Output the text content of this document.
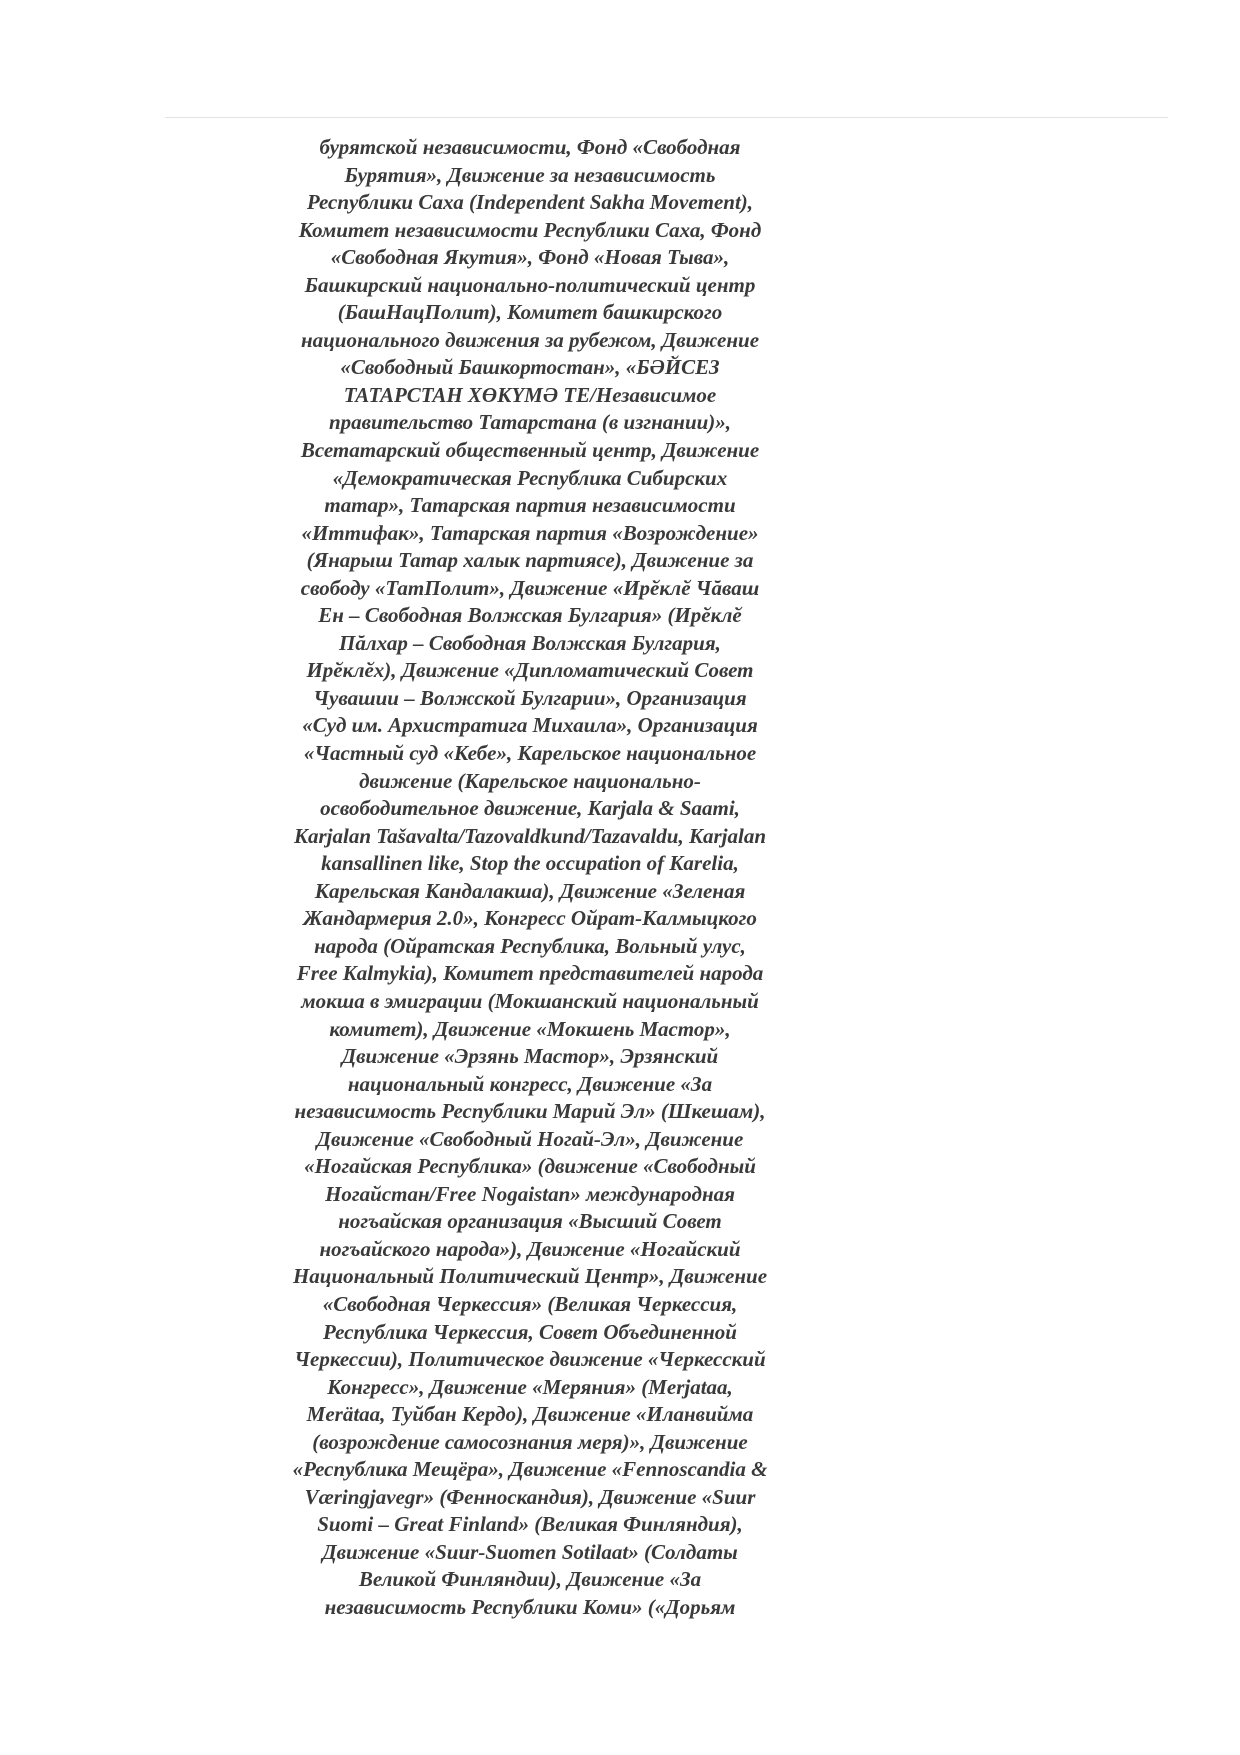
бурятской независимости, Фонд «Свободная
Бурятия», Движение за независимость
Республики Саха (Independent Sakha Movement),
Комитет независимости Республики Саха, Фонд
«Свободная Якутия», Фонд «Новая Тыва»,
Башкирский национально-политический центр
(БашНацПолит), Комитет башкирского
национального движения за рубежом, Движение
«Свободный Башкортостан», «БӘЙСЕЗ
ТАТАРСТАН ХӨКҮМӘ ТЕ/Независимое
правительство Татарстана (в изгнании)»,
Всетатарский общественный центр, Движение
«Демократическая Республика Сибирских
татар», Татарская партия независимости
«Иттифак», Татарская партия «Возрождение»
(Янарыш Татар халык партиясе), Движение за
свободу «ТатПолит», Движение «Ирӗклӗ Чăваш
Ен – Свободная Волжская Булгария» (Ирӗклӗ
Пăлхар – Свободная Волжская Булгария,
Ирӗклӗх), Движение «Дипломатический Совет
Чувашии – Волжской Булгарии», Организация
«Суд им. Архистратига Михаила», Организация
«Частный суд «Кебе», Карельское национальное
движение (Карельское национально-
освободительное движение, Karjala & Saami,
Karjalan Tašavalta/Tazovaldkund/Tazavaldu, Karjalan
kansallinen like, Stop the occupation of Karelia,
Карельская Кандалакша), Движение «Зеленая
Жандармерия 2.0», Конгресс Ойрат-Калмыцкого
народа (Ойратская Республика, Вольный улус,
Free Kalmykia), Комитет представителей народа
мокша в эмиграции (Мокшанский национальный
комитет), Движение «Мокшень Мастор»,
Движение «Эрзянь Мастор», Эрзянский
национальный конгресс, Движение «За
независимость Республики Марий Эл» (Шкешам),
Движение «Свободный Ногай-Эл», Движение
«Ногайская Республика» (движение «Свободный
Ногайстан/Free Nogaistan» международная
ногъайская организация «Высший Совет
ногъайского народа»), Движение «Ногайский
Национальный Политический Центр», Движение
«Свободная Черкессия» (Великая Черкессия,
Республика Черкессия, Совет Объединенной
Черкессии), Политическое движение «Черкесский
Конгресс», Движение «Меряния» (Merjatаа,
Merätaa, Туйбан Кердо), Движение «Иланвийма
(возрождение самосознания меря)», Движение
«Республика Мещёра», Движение «Fennoscandia &
Væringjavegr» (Фенноскандия), Движение «Suur
Suomi – Great Finland» (Великая Финляндия),
Движение «Suur-Suomen Sotilaat» (Солдаты
Великой Финляндии), Движение «За
независимость Республики Коми» («Дорьям
